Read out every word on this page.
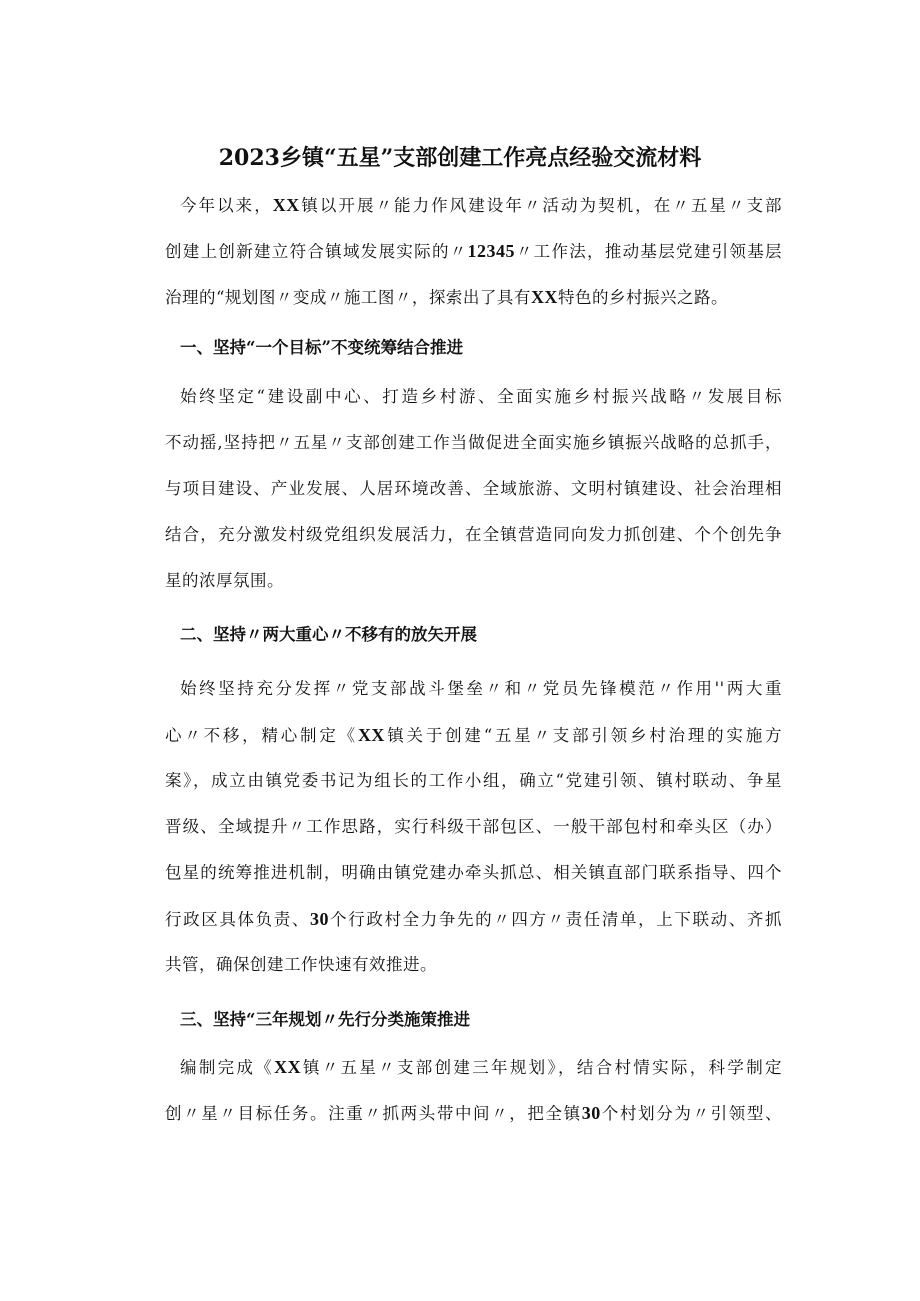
2023乡镇“五星”支部创建工作亮点经验交流材料
今年以来，XX镇以开展〃能力作风建设年〃活动为契机，在〃五星〃支部
创建上创新建立符合镇域发展实际的〃12345〃工作法，推动基层党建引领基层
治理的“规划图〃变成〃施工图〃，探索出了具有XX特色的乡村振兴之路。
一、坚持“一个目标”不变统筹结合推进
始终坚定“建设副中心、打造乡村游、全面实施乡村振兴战略〃发展目标
不动摇,坚持把〃五星〃支部创建工作当做促进全面实施乡镇振兴战略的总抓手，
与项目建设、产业发展、人居环境改善、全域旅游、文明村镇建设、社会治理相
结合，充分激发村级党组织发展活力，在全镇营造同向发力抓创建、个个创先争
星的浓厚氛围。
二、坚持〃两大重心〃不移有的放矢开展
始终坚持充分发挥〃党支部战斗堡垒〃和〃党员先锋模范〃作用''两大重
心〃不移，精心制定《XX镇关于创建“五星〃支部引领乡村治理的实施方
案》，成立由镇党委书记为组长的工作小组，确立“党建引领、镇村联动、争星
晋级、全域提升〃工作思路，实行科级干部包区、一般干部包村和牵头区（办）
包星的统筹推进机制，明确由镇党建办牵头抓总、相关镇直部门联系指导、四个
行政区具体负责、30个行政村全力争先的〃四方〃责任清单，上下联动、齐抓
共管，确保创建工作快速有效推进。
三、坚持“三年规划〃先行分类施策推进
编制完成《XX镇〃五星〃支部创建三年规划》，结合村情实际，科学制定
创〃星〃目标任务。注重〃抓两头带中间〃，把全镇30个村划分为〃引领型、
